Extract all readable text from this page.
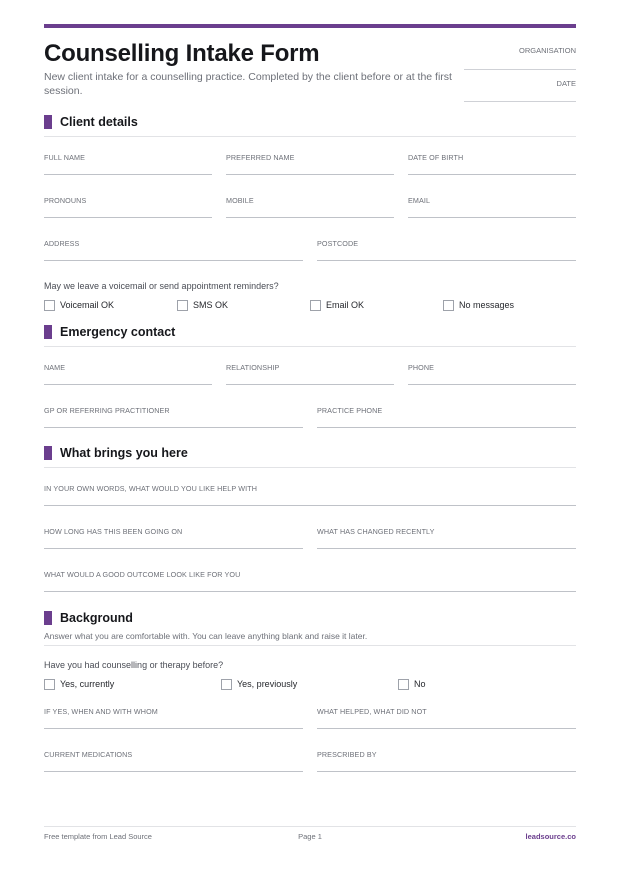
Counselling Intake Form
New client intake for a counselling practice. Completed by the client before or at the first session.
ORGANISATION
DATE
Client details
FULL NAME	PREFERRED NAME	DATE OF BIRTH
PRONOUNS	MOBILE	EMAIL
ADDRESS	POSTCODE
May we leave a voicemail or send appointment reminders?
Voicemail OK	SMS OK	Email OK	No messages
Emergency contact
NAME	RELATIONSHIP	PHONE
GP OR REFERRING PRACTITIONER	PRACTICE PHONE
What brings you here
IN YOUR OWN WORDS, WHAT WOULD YOU LIKE HELP WITH
HOW LONG HAS THIS BEEN GOING ON	WHAT HAS CHANGED RECENTLY
WHAT WOULD A GOOD OUTCOME LOOK LIKE FOR YOU
Background
Answer what you are comfortable with. You can leave anything blank and raise it later.
Have you had counselling or therapy before?
Yes, currently	Yes, previously	No
IF YES, WHEN AND WITH WHOM	WHAT HELPED, WHAT DID NOT
CURRENT MEDICATIONS	PRESCRIBED BY
Free template from Lead Source	Page 1	leadsource.co
